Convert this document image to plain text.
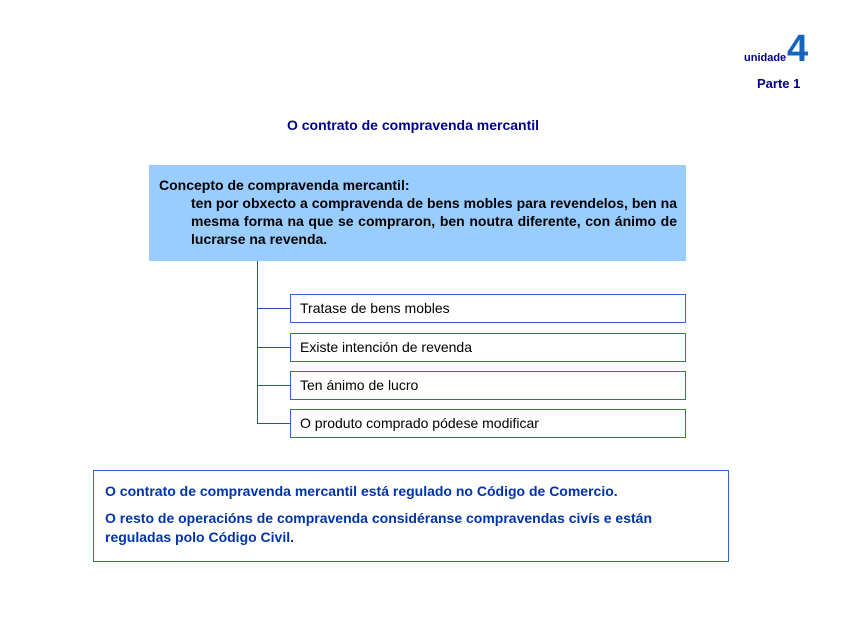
unidade 4
Parte 1
O contrato de compravenda mercantil
Concepto de compravenda mercantil:
ten por obxecto a compravenda de bens mobles para revendelos, ben na mesma forma na que se compraron, ben noutra diferente, con ánimo de lucrarse na revenda.
Tratase de bens mobles
Existe intención de revenda
Ten ánimo de lucro
O produto comprado pódese modificar
O contrato de compravenda mercantil está regulado no Código de Comercio.
O resto de operacións de compravenda considéranse compravendas civís e están reguladas polo Código Civil.
